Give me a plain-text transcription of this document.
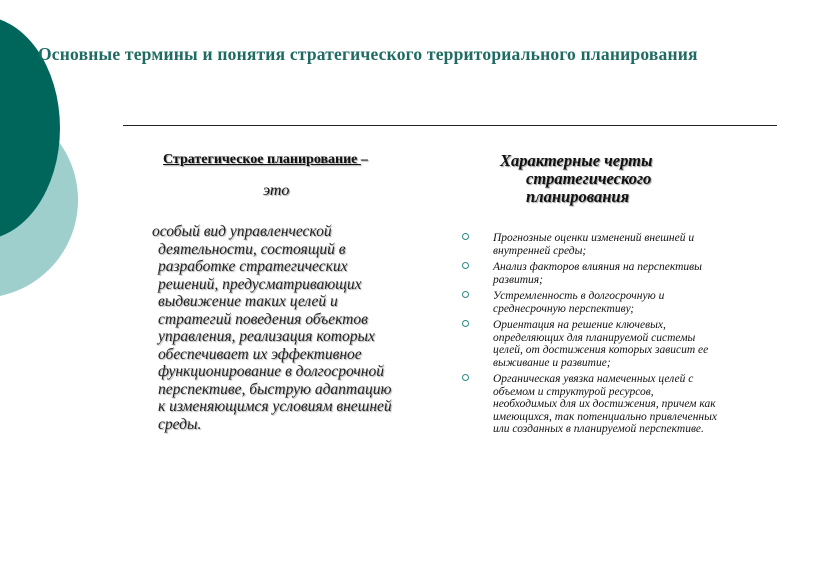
Основные термины и понятия стратегического территориального планирования
Стратегическое планирование –
это
особый вид управленческой
деятельности, состоящий в
разработке стратегических
решений, предусматривающих
выдвижение таких целей и
стратегий поведения объектов
управления, реализация которых
обеспечивает их эффективное
функционирование в долгосрочной
перспективе, быструю адаптацию
к изменяющимся условиям внешней
среды.
Характерные черты
стратегического
планирования
Прогнозные оценки изменений внешней и
внутренней среды;
Анализ факторов влияния на перспективы
развития;
Устремленность в долгосрочную и
среднесрочную перспективу;
Ориентация на решение ключевых,
определяющих для планируемой системы
целей, от достижения которых зависит ее
выживание и развитие;
Органическая увязка намеченных целей с
объемом и структурой ресурсов,
необходимых для их достижения, причем как
имеющихся, так потенциально привлеченных
или созданных в планируемой перспективе.
